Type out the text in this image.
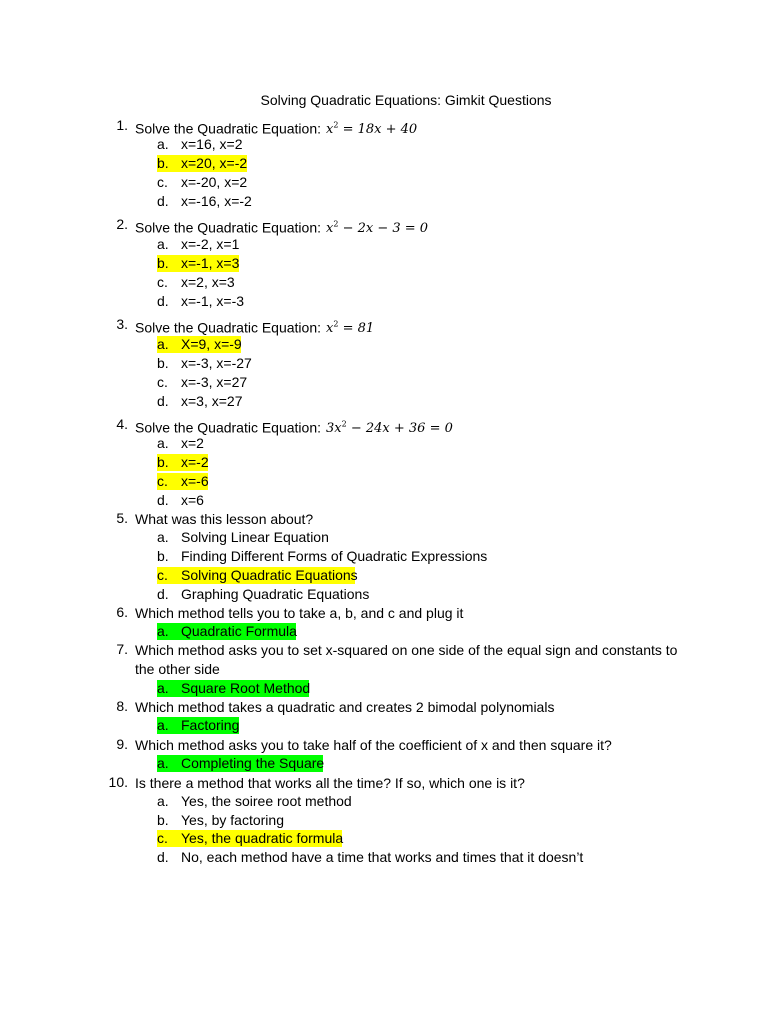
Solving Quadratic Equations: Gimkit Questions
1. Solve the Quadratic Equation: $x^2 = 18x + 40$
a. x=16, x=2
b. x=20, x=-2
c. x=-20, x=2
d. x=-16, x=-2
2. Solve the Quadratic Equation: $x^2 - 2x - 3 = 0$
a. x=-2, x=1
b. x=-1, x=3
c. x=2, x=3
d. x=-1, x=-3
3. Solve the Quadratic Equation: $x^2 = 81$
a. X=9, x=-9
b. x=-3, x=-27
c. x=-3, x=27
d. x=3, x=27
4. Solve the Quadratic Equation: $3x^2 - 24x + 36 = 0$
a. x=2
b. x=-2
c. x=-6
d. x=6
5. What was this lesson about?
a. Solving Linear Equation
b. Finding Different Forms of Quadratic Expressions
c. Solving Quadratic Equations
d. Graphing Quadratic Equations
6. Which method tells you to take a, b, and c and plug it
a. Quadratic Formula
7. Which method asks you to set x-squared on one side of the equal sign and constants to the other side
a. Square Root Method
8. Which method takes a quadratic and creates 2 bimodal polynomials
a. Factoring
9. Which method asks you to take half of the coefficient of x and then square it?
a. Completing the Square
10. Is there a method that works all the time? If so, which one is it?
a. Yes, the soiree root method
b. Yes, by factoring
c. Yes, the quadratic formula
d. No, each method have a time that works and times that it doesn’t
